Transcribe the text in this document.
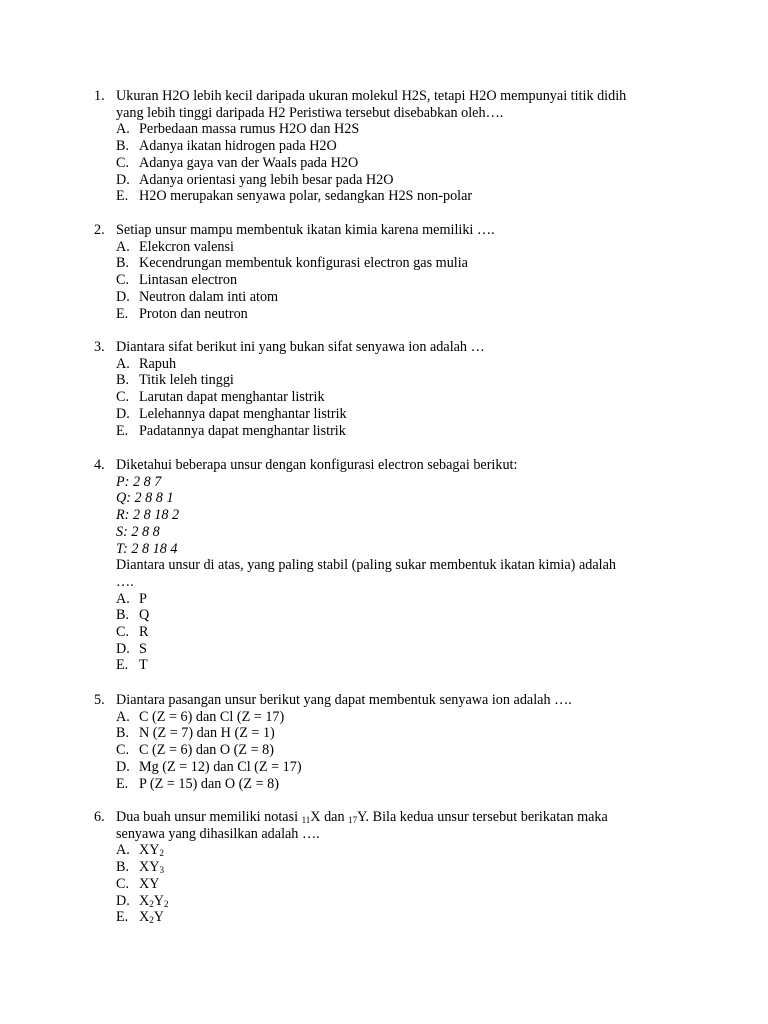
1. Ukuran H2O lebih kecil daripada ukuran molekul H2S, tetapi H2O mempunyai titik didih
yang lebih tinggi daripada H2 Peristiwa tersebut disebabkan oleh….
A. Perbedaan massa rumus H2O dan H2S
B. Adanya ikatan hidrogen pada H2O
C. Adanya gaya van der Waals pada H2O
D. Adanya orientasi yang lebih besar pada H2O
E. H2O merupakan senyawa polar, sedangkan H2S non-polar
2. Setiap unsur mampu membentuk ikatan kimia karena memiliki ….
A. Elekcron valensi
B. Kecendrungan membentuk konfigurasi electron gas mulia
C. Lintasan electron
D. Neutron dalam inti atom
E. Proton dan neutron
3. Diantara sifat berikut ini yang bukan sifat senyawa ion adalah …
A. Rapuh
B. Titik leleh tinggi
C. Larutan dapat menghantar listrik
D. Lelehannya dapat menghantar listrik
E. Padatannya dapat menghantar listrik
4. Diketahui beberapa unsur dengan konfigurasi electron sebagai berikut:
P: 2 8 7
Q: 2 8 8 1
R: 2 8 18 2
S: 2 8 8
T: 2 8 18 4
Diantara unsur di atas, yang paling stabil (paling sukar membentuk ikatan kimia) adalah
….
A. P
B. Q
C. R
D. S
E. T
5. Diantara pasangan unsur berikut yang dapat membentuk senyawa ion adalah ….
A. C (Z = 6) dan Cl (Z = 17)
B. N (Z = 7) dan H (Z = 1)
C. C (Z = 6) dan O (Z = 8)
D. Mg (Z = 12) dan Cl (Z = 17)
E. P (Z = 15) dan O (Z = 8)
6. Dua buah unsur memiliki notasi $_{11}$X dan $_{17}$Y. Bila kedua unsur tersebut berikatan maka
senyawa yang dihasilkan adalah ….
A. $XY_2$
B. $XY_3$
C. XY
D. $X_2Y_2$
E. $X_2Y$
